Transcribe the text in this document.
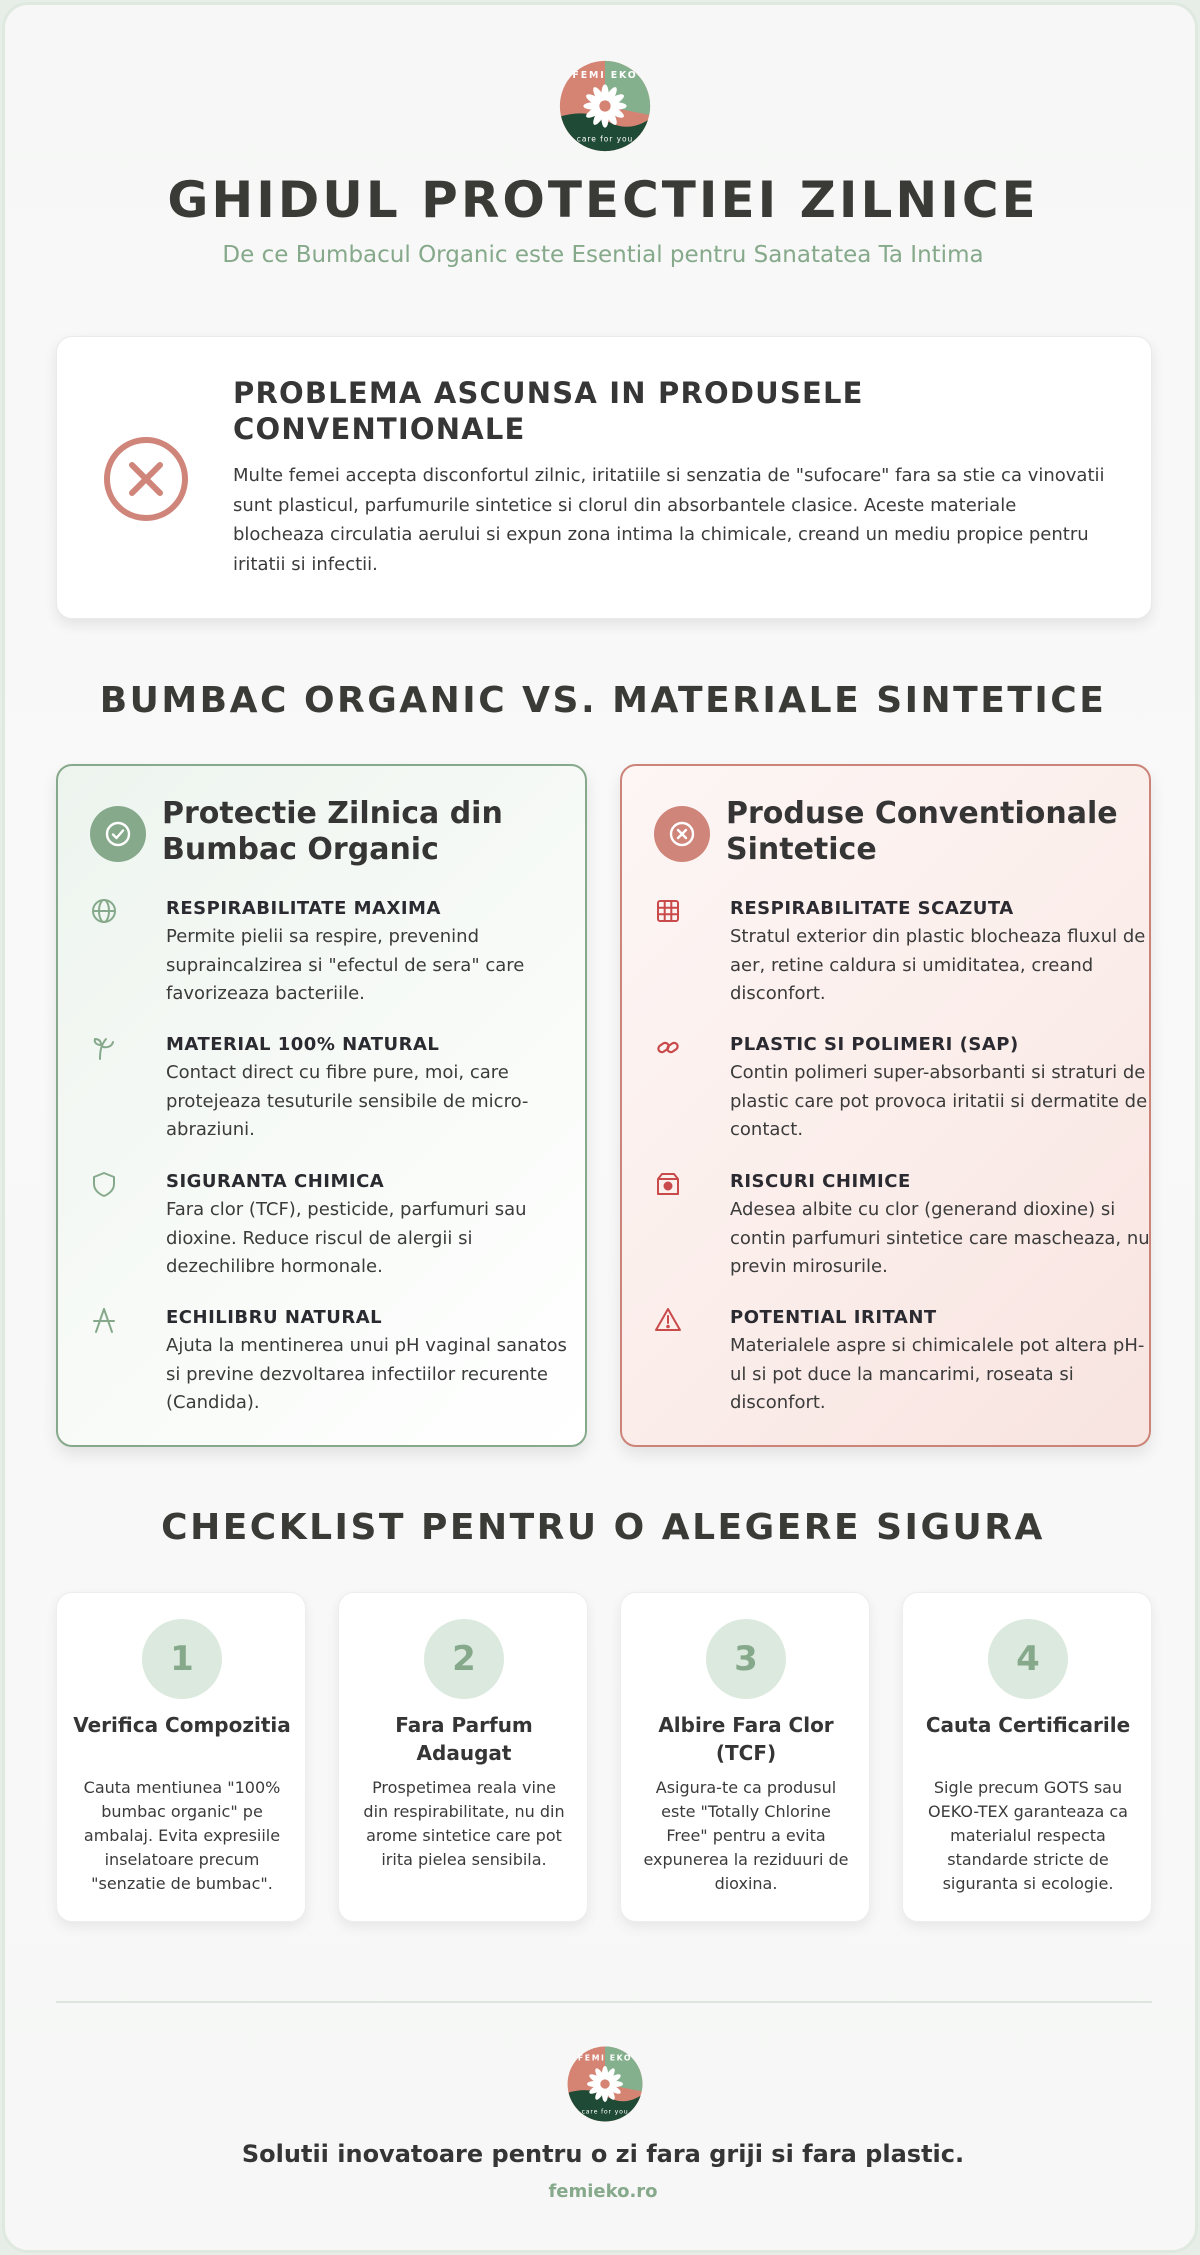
FEMI EKO
care for you
GHIDUL PROTECTIEI ZILNICE
De ce Bumbacul Organic este Esential pentru Sanatatea Ta Intima
PROBLEMA ASCUNSA IN PRODUSELE CONVENTIONALE
Multe femei accepta disconfortul zilnic, iritatiile si senzatia de "sufocare" fara sa stie ca vinovatii sunt plasticul, parfumurile sintetice si clorul din absorbantele clasice. Aceste materiale blocheaza circulatia aerului si expun zona intima la chimicale, creand un mediu propice pentru iritatii si infectii.
BUMBAC ORGANIC VS. MATERIALE SINTETICE
Protectie Zilnica din Bumbac Organic
RESPIRABILITATE MAXIMA
Permite pielii sa respire, prevenind supraincalzirea si "efectul de sera" care favorizeaza bacteriile.
MATERIAL 100% NATURAL
Contact direct cu fibre pure, moi, care protejeaza tesuturile sensibile de micro-abraziuni.
SIGURANTA CHIMICA
Fara clor (TCF), pesticide, parfumuri sau dioxine. Reduce riscul de alergii si dezechilibre hormonale.
ECHILIBRU NATURAL
Ajuta la mentinerea unui pH vaginal sanatos si previne dezvoltarea infectiilor recurente (Candida).
Produse Conventionale Sintetice
RESPIRABILITATE SCAZUTA
Stratul exterior din plastic blocheaza fluxul de aer, retine caldura si umiditatea, creand disconfort.
PLASTIC SI POLIMERI (SAP)
Contin polimeri super-absorbanti si straturi de plastic care pot provoca iritatii si dermatite de contact.
RISCURI CHIMICE
Adesea albite cu clor (generand dioxine) si contin parfumuri sintetice care mascheaza, nu previn mirosurile.
POTENTIAL IRITANT
Materialele aspre si chimicalele pot altera pH-ul si pot duce la mancarimi, roseata si disconfort.
CHECKLIST PENTRU O ALEGERE SIGURA
1
Verifica Compozitia
Cauta mentiunea "100% bumbac organic" pe ambalaj. Evita expresiile inselatoare precum "senzatie de bumbac".
2
Fara Parfum Adaugat
Prospetimea reala vine din respirabilitate, nu din arome sintetice care pot irita pielea sensibila.
3
Albire Fara Clor (TCF)
Asigura-te ca produsul este "Totally Chlorine Free" pentru a evita expunerea la reziduuri de dioxina.
4
Cauta Certificarile
Sigle precum GOTS sau OEKO-TEX garanteaza ca materialul respecta standarde stricte de siguranta si ecologie.
FEMI EKO
care for you
Solutii inovatoare pentru o zi fara griji si fara plastic.
femieko.ro
